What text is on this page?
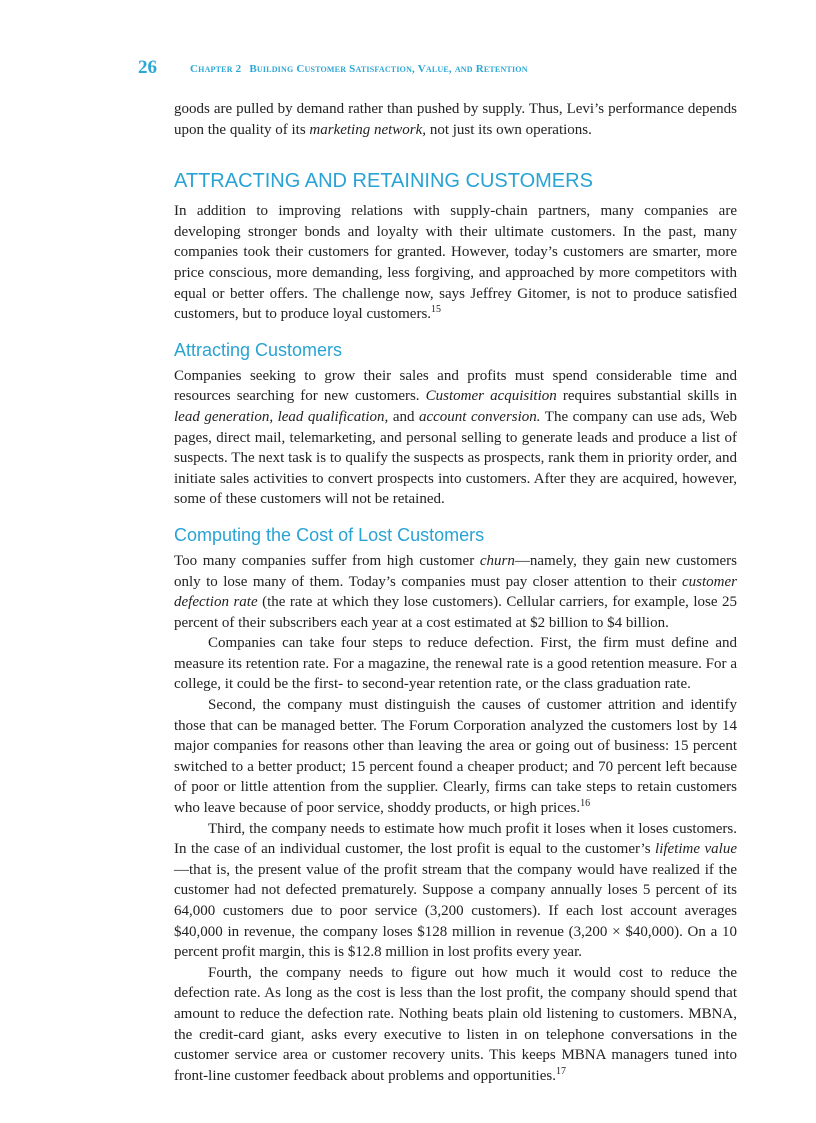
26	Chapter 2 Building Customer Satisfaction, Value, and Retention

goods are pulled by demand rather than pushed by supply. Thus, Levi’s performance depends upon the quality of its marketing network, not just its own operations.

ATTRACTING AND RETAINING CUSTOMERS

In addition to improving relations with supply-chain partners, many companies are developing stronger bonds and loyalty with their ultimate customers. In the past, many companies took their customers for granted. However, today’s customers are smarter, more price conscious, more demanding, less forgiving, and approached by more competitors with equal or better offers. The challenge now, says Jeffrey Gitomer, is not to produce satisfied customers, but to produce loyal customers.$^{15}$

Attracting Customers

Companies seeking to grow their sales and profits must spend considerable time and resources searching for new customers. Customer acquisition requires substantial skills in lead generation, lead qualification, and account conversion. The company can use ads, Web pages, direct mail, telemarketing, and personal selling to generate leads and produce a list of suspects. The next task is to qualify the suspects as prospects, rank them in priority order, and initiate sales activities to convert prospects into customers. After they are acquired, however, some of these customers will not be retained.

Computing the Cost of Lost Customers

Too many companies suffer from high customer churn—namely, they gain new customers only to lose many of them. Today’s companies must pay closer attention to their customer defection rate (the rate at which they lose customers). Cellular carriers, for example, lose 25 percent of their subscribers each year at a cost estimated at $2 billion to $4 billion.

Companies can take four steps to reduce defection. First, the firm must define and measure its retention rate. For a magazine, the renewal rate is a good retention measure. For a college, it could be the first- to second-year retention rate, or the class graduation rate.

Second, the company must distinguish the causes of customer attrition and identify those that can be managed better. The Forum Corporation analyzed the customers lost by 14 major companies for reasons other than leaving the area or going out of business: 15 percent switched to a better product; 15 percent found a cheaper product; and 70 percent left because of poor or little attention from the supplier. Clearly, firms can take steps to retain customers who leave because of poor service, shoddy products, or high prices.$^{16}$

Third, the company needs to estimate how much profit it loses when it loses customers. In the case of an individual customer, the lost profit is equal to the customer’s lifetime value—that is, the present value of the profit stream that the company would have realized if the customer had not defected prematurely. Suppose a company annually loses 5 percent of its 64,000 customers due to poor service (3,200 customers). If each lost account averages $40,000 in revenue, the company loses $128 million in revenue (3,200 × $40,000). On a 10 percent profit margin, this is $12.8 million in lost profits every year.

Fourth, the company needs to figure out how much it would cost to reduce the defection rate. As long as the cost is less than the lost profit, the company should spend that amount to reduce the defection rate. Nothing beats plain old listening to customers. MBNA, the credit-card giant, asks every executive to listen in on telephone conversations in the customer service area or customer recovery units. This keeps MBNA managers tuned into front-line customer feedback about problems and opportunities.$^{17}$
